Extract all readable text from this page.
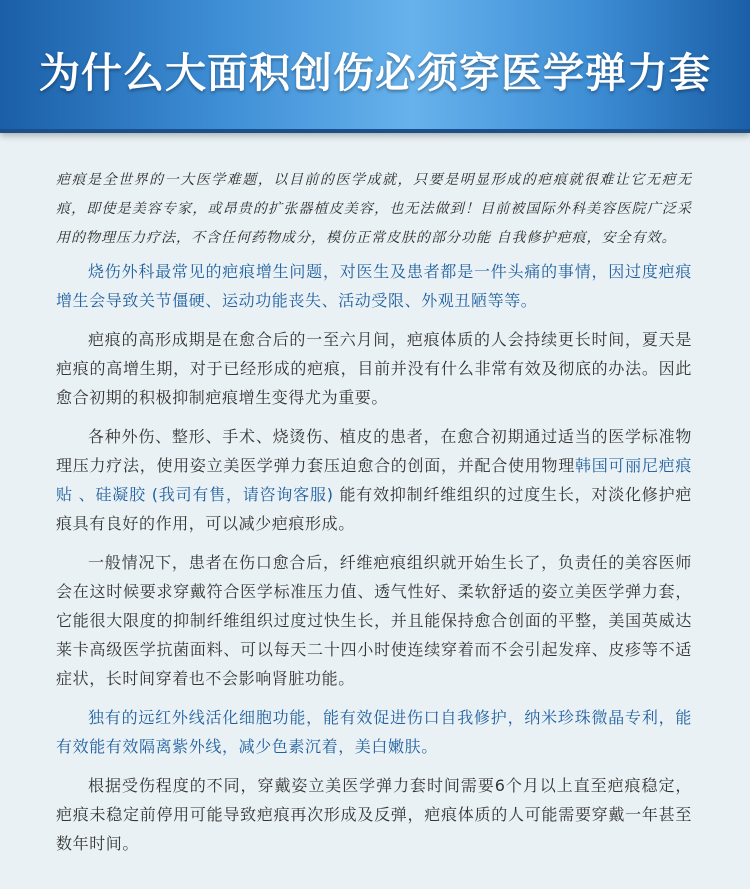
为什么大面积创伤必须穿医学弹力套

疤痕是全世界的一大医学难题，以目前的医学成就，只要是明显形成的疤痕就很难让它无疤无痕，即使是美容专家，或昂贵的扩张器植皮美容，也无法做到！目前被国际外科美容医院广泛采用的物理压力疗法，不含任何药物成分，模仿正常皮肤的部分功能 自我修护疤痕，安全有效。

烧伤外科最常见的疤痕增生问题，对医生及患者都是一件头痛的事情，因过度疤痕增生会导致关节僵硬、运动功能丧失、活动受限、外观丑陋等等。

疤痕的高形成期是在愈合后的一至六月间，疤痕体质的人会持续更长时间，夏天是疤痕的高增生期，对于已经形成的疤痕，目前并没有什么非常有效及彻底的办法。因此愈合初期的积极抑制疤痕增生变得尤为重要。

各种外伤、整形、手术、烧烫伤、植皮的患者，在愈合初期通过适当的医学标准物理压力疗法，使用姿立美医学弹力套压迫愈合的创面，并配合使用物理韩国可丽尼疤痕贴 、硅凝胶 (我司有售，请咨询客服) 能有效抑制纤维组织的过度生长，对淡化修护疤痕具有良好的作用，可以减少疤痕形成。

一般情况下，患者在伤口愈合后，纤维疤痕组织就开始生长了，负责任的美容医师会在这时候要求穿戴符合医学标准压力值、透气性好、柔软舒适的姿立美医学弹力套，它能很大限度的抑制纤维组织过度过快生长，并且能保持愈合创面的平整，美国英威达莱卡高级医学抗菌面料、可以每天二十四小时使连续穿着而不会引起发痒、皮疹等不适症状，长时间穿着也不会影响肾脏功能。

独有的远红外线活化细胞功能，能有效促进伤口自我修护，纳米珍珠微晶专利，能有效能有效隔离紫外线，减少色素沉着，美白嫩肤。

根据受伤程度的不同，穿戴姿立美医学弹力套时间需要6个月以上直至疤痕稳定，疤痕未稳定前停用可能导致疤痕再次形成及反弹，疤痕体质的人可能需要穿戴一年甚至数年时间。
